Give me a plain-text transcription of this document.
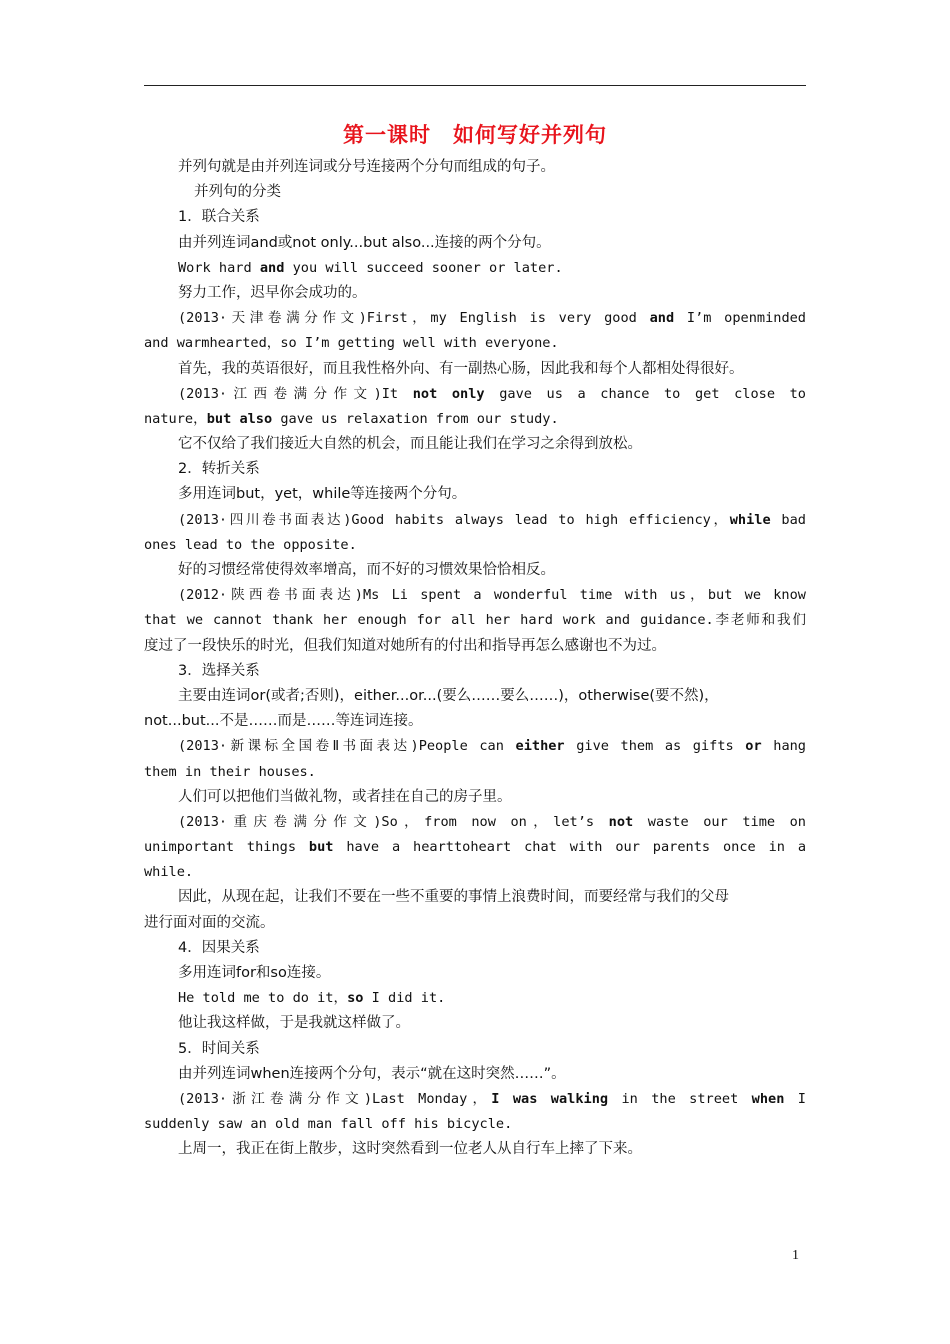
第一课时　如何写好并列句
并列句就是由并列连词或分号连接两个分句而组成的句子。
并列句的分类
1．联合关系
由并列连词and或not only...but also...连接的两个分句。
Work hard and you will succeed sooner or later.
努力工作，迟早你会成功的。
(2013·天津卷满分作文)First，my English is very good and I’m openminded
and warmhearted，so I’m getting well with everyone.
首先，我的英语很好，而且我性格外向、有一副热心肠，因此我和每个人都相处得很好。
(2013·江西卷满分作文)It not only gave us a chance to get close to
nature，but also gave us relaxation from our study.
它不仅给了我们接近大自然的机会，而且能让我们在学习之余得到放松。
2．转折关系
多用连词but，yet，while等连接两个分句。
(2013·四川卷书面表达)Good habits always lead to high efficiency，while bad
ones lead to the opposite.
好的习惯经常使得效率增高，而不好的习惯效果恰恰相反。
(2012·陕西卷书面表达)Ms Li spent a wonderful time with us，but we know
that we cannot thank her enough for all her hard work and guidance.李老师和我们
度过了一段快乐的时光，但我们知道对她所有的付出和指导再怎么感谢也不为过。
3．选择关系
主要由连词or(或者;否则)，either...or...(要么……要么……)，otherwise(要不然)，
not...but...不是……而是……等连词连接。
(2013·新课标全国卷Ⅱ书面表达)People can either give them as gifts or hang
them in their houses.
人们可以把他们当做礼物，或者挂在自己的房子里。
(2013·重庆卷满分作文)So，from now on，let’s not waste our time on
unimportant things but have a hearttoheart chat with our parents once in a
while.
因此，从现在起，让我们不要在一些不重要的事情上浪费时间，而要经常与我们的父母
进行面对面的交流。
4．因果关系
多用连词for和so连接。
He told me to do it，so I did it.
他让我这样做，于是我就这样做了。
5．时间关系
由并列连词when连接两个分句，表示“就在这时突然……”。
(2013·浙江卷满分作文)Last Monday，I was walking in the street when I
suddenly saw an old man fall off his bicycle.
上周一，我正在街上散步，这时突然看到一位老人从自行车上摔了下来。
1
